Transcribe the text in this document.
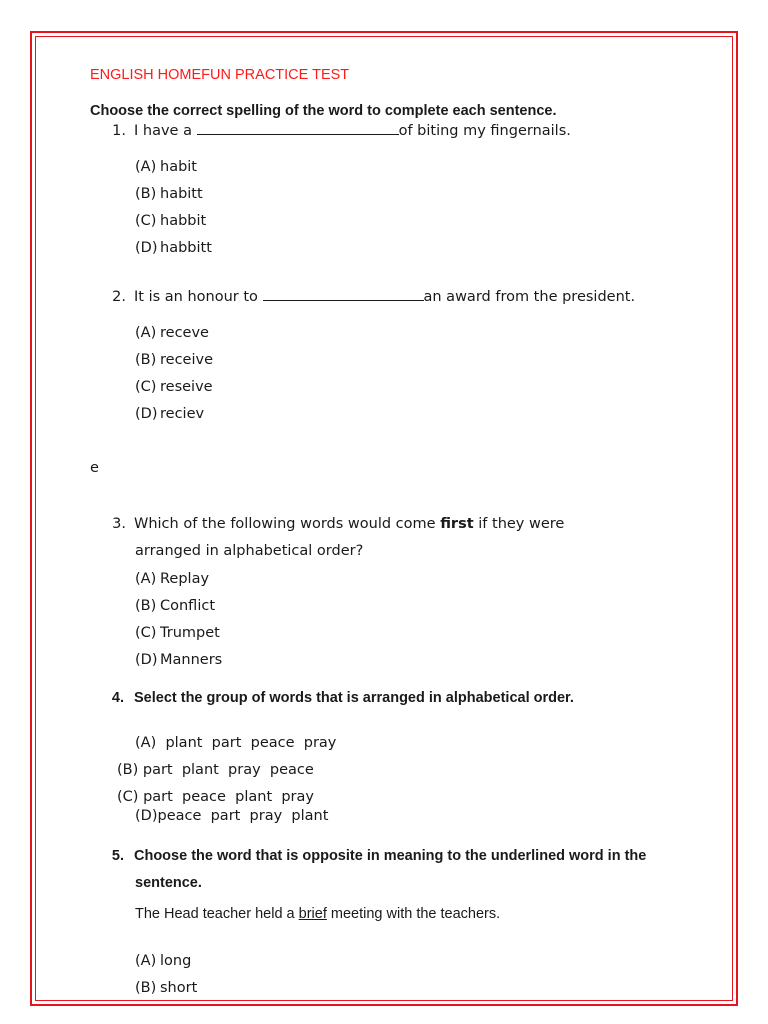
ENGLISH HOMEFUN PRACTICE TEST
Choose the correct spelling of the word to complete each sentence.
1. I have a	of biting my fingernails.
(A) habit
(B) habitt
(C) habbit
(D) habbitt
2. It is an honour to	an award from the president.
(A) receve
(B) receive
(C) reseive
(D) reciev
e
3. Which of the following words would come first if they were
arranged in alphabetical order?
(A) Replay
(B) Conflict
(C) Trumpet
(D) Manners
4. Select the group of words that is arranged in alphabetical order.
(A) plant  part  peace  pray
(B) part  plant  pray  peace
(C) part  peace  plant  pray
(D)peace  part  pray  plant
5. Choose the word that is opposite in meaning to the underlined word in the
sentence.
The Head teacher held a brief meeting with the teachers.
(A) long
(B) short
